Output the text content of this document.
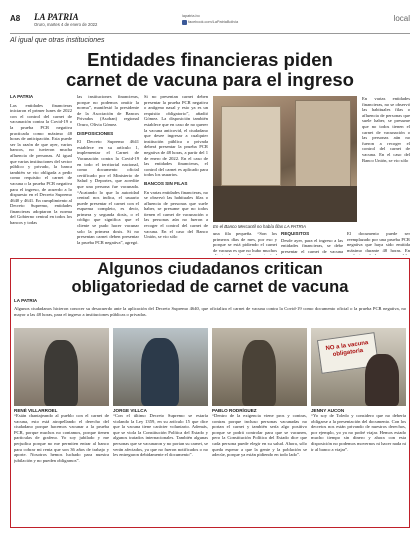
A8 LA PATRIA
Oruro, martes 4 de enero de 2022
lapatria.bo
facebook.com/LaPatriaBolivia	local
Al igual que otras instituciones
Entidades financieras piden
carnet de vacuna para el ingreso
LA PATRIA
Las entidades financieras iniciaron el primer lunes de 2022 con el control del carnet de vacunación contra la Covid-19 o la prueba PCR negativa practicada como máximo 48 horas de anticipación. Esta puede ser la razón de que ayer, varios bancos, no tuvieron mucha afluencia de personas. Al igual que varias instituciones del sector público y privado, la banca también se vio obligada a pedir como requisito el carnet de vacuna o la prueba PCR negativa para el ingreso, de acuerdo a lo dispuesto en el Decreto Supremo 4640 y 4641. En cumplimiento al Decreto Supremo, entidades financieras adoptaron la norma del Gobierno central en todos los bancos y todas
las instituciones financieras, porque no podemos omitir la norma”, manifestó la presidente de la Asociación de Bancos Privados (Asoban) regional Oruro, Olivia Gómez.
DISPOSICIONES
El Decreto Supremo 4641 establece en su artículo 1, implementar el Carnet de Vacunación contra la Covid-19 en todo el territorial nacional, como documento oficial certificado por el Ministerio de Salud y Deportes, que acredite que una persona fue vacunada. “Acatando lo que la autoridad central nos indica, el usuario puede presentar el carnet con el esquema completo, es decir, primera y segunda dosis, o el código que significa que el cliente se pudo hacer vacunar solo la primera dosis. Si no presentan carnet deben presentar la prueba PCR negativa”, agregó.
Si no presentan carnet deben presentar la prueba PCR negativa o antígeno nasal y esto ya es un requisito obligatorio”, añadió Gómez. La disposición también establece que en caso de no querer la vacuna anticovid, el ciudadano que desee ingresar a cualquier institución pública o privada deberá presentar la prueba PCR negativa de 48 horas, a partir del 1 de enero de 2022. En el caso de las entidades financieras, el control del carnet es aplicado para todos los usuarios.
BANCOS SIN FILAS
En varias entidades financieras, no se observó las habituales filas o afluencia de personas que suele haber, se presume que no todos tienen el carnet de vacunación o las personas aún no fueron a recoger el control del carnet de vacuna. En el caso del Banco Unión, se vio sólo
En varias entidades financieras, no se observó las habituales filas o afluencia de personas que suele haber, se presume que no todos tienen el carnet de vacunación o las personas aún no fueron a recoger el control del carnet de vacuna. En el caso del Banco Unión, se vio sólo
En el Banco Mercantil no había filas LA PATRIA
una fila pequeña. “Son los primeros días de mes, por eso y porque se está pidiendo el carnet de vacuna es que no hubo muchos
REQUISITOS
Desde ayer, para el ingreso a las entidades financieras, se debe presentar el carnet de vacuna
El documento puede ser reemplazado por una prueba PCR negativa que haya sido emitida máximo durante 48 horas. En
Algunos ciudadanos critican
obligatoriedad de carnet de vacuna
LA PATRIA
Algunos ciudadanos hicieron conocer su desacuerdo ante la aplicación del Decreto Supremo 4640, que oficializa el carnet de vacuna contra la Covid-19 como documento oficial o la prueba PCR negativa, no mayor a las 48 horas, para el ingreso a instituciones públicas o privadas.
NO a la vacuna obligatoria
RENÉ VILLARROEL
“Están chantajeando al pueblo con el carnet de vacuna, esto está atropellando el derecho del ciudadano porque hacemos vacunar a la prueba PCR, porque muchos no contamos, porque tienen particulas de grafeno. Yo soy jubilado y me perjudica porque no me permiten entrar al banco para cobrar mi renta que son 36 años de trabajo y aporte. Nosotros hemos luchado para nuestra jubilación y no pueden obligarnos”.
JORGE VILLCA
“Con el último Decreto Supremo se estaría violando la Ley 1359, en su artículo 15 que dice que la vacuna tiene carácter voluntario. Además, que se viola la Constitución Política del Estado y algunos tratados internacionales. También algunas personas que se vacunaron y no portan su carnet, se verán afectados, ya que no fueron notificados o no les entregaron debidamente el documento”.
PABLO RODRÍGUEZ
“Dentro de la exigencia viene pros y contras, contras porque incluso personas vacunadas no portan el carnet y también sería algo positivo porque se podrá controlar para que se vacunen, pero la Constitución Política del Estado dice que cada persona puede elegir en su salud. Ahora, sólo queda esperar a que la gente y la población se adecúe, porque ya están pidiendo en todo lado”.
JENNY AUCON
“Yo soy de Toledo y considero que no debería obligarse a la presentación del documento. Con los decretos nos están privando de nuestros derechos, por ejemplo, yo ya no podré viajar. Hemos estado mucho tiempo sin dinero y ahora con esta disposición no podemos movernos ni hacer nada ni ir al banco a viajar”.
